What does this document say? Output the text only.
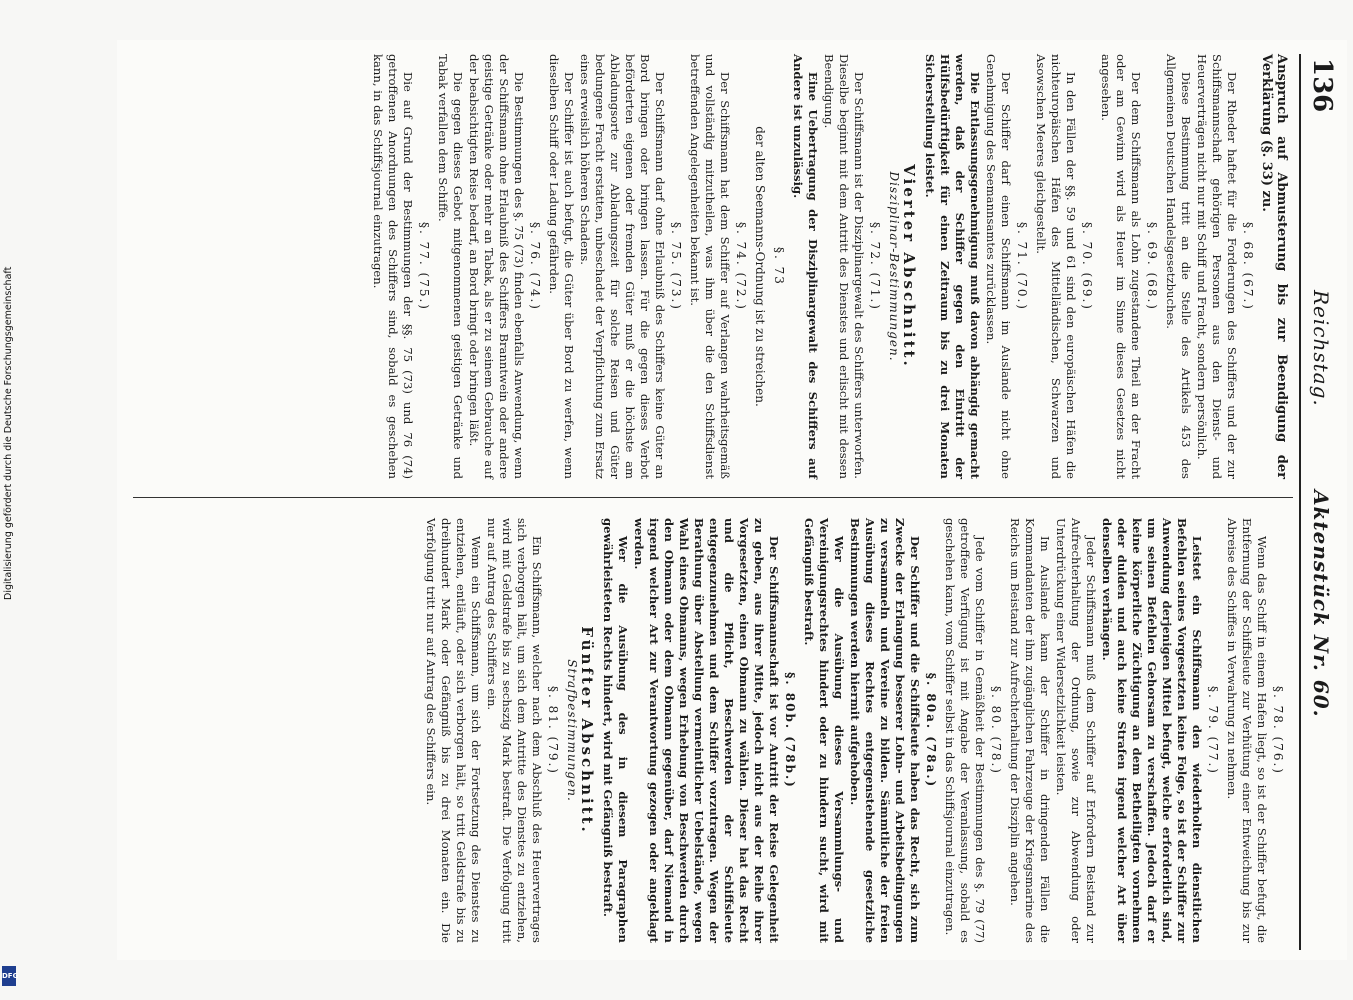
136
Reichstag.
Aktenstück Nr. 60.
Anspruch auf Abmusterung bis zur Beendigung der Verklärung (§. 33) zu.
§. 68. (67.)

Der Rheder haftet für die Forderungen des Schiffers und der zur Schiffsmannschaft gehörigen Personen aus den Dienst- und Heuerverträgen nicht nur mit Schiff und Fracht, sondern persönlich.

Diese Bestimmung tritt an die Stelle des Artikels 453 des Allgemeinen Deutschen Handelsgesetzbuches.

§. 69. (68.)

Der dem Schiffsmann als Lohn zugestandene Theil an der Fracht oder am Gewinn wird als Heuer im Sinne dieses Gesetzes nicht angesehen.

§. 70. (69.)

In den Fällen der §§. 59 und 61 sind den europäischen Häfen die nichteuropäischen Häfen des Mittelländischen, Schwarzen und Asowschen Meeres gleichgestellt.

§. 71. (70.)

Der Schiffer darf einen Schiffsmann im Auslande nicht ohne Genehmigung des Seemannsamtes zurücklassen.

Die Entlassungsgenehmigung muß davon abhängig gemacht werden, daß der Schiffer gegen den Eintritt der Hülfsbedürftigkeit für einen Zeitraum bis zu drei Monaten Sicherstellung leistet.

Vierter Abschnitt.
Disziplinar-Bestimmungen.
§. 72. (71.)

Der Schiffsmann ist der Disziplinargewalt des Schiffers unterworfen. Dieselbe beginnt mit dem Antritt des Dienstes und erlischt mit dessen Beendigung.

Eine Uebertragung der Disziplinargewalt des Schiffers auf Andere ist unzulässig.

§. 73
der alten Seemanns-Ordnung ist zu streichen.
§. 74. (72.)

Der Schiffsmann hat dem Schiffer auf Verlangen wahrheitsgemäß und vollständig mitzutheilen, was ihm über die den Schiffsdienst betreffenden Angelegenheiten bekannt ist.

§. 75. (73.)

Der Schiffsmann darf ohne Erlaubniß des Schiffers keine Güter an Bord bringen oder bringen lassen. Für die gegen dieses Verbot beförderten eigenen oder fremden Güter muß er die höchste am Abladungsorte zur Abladungszeit für solche Reisen und Güter bedungene Fracht erstatten, unbeschadet der Verpflichtung zum Ersatz eines erweislich höheren Schadens.

Der Schiffer ist auch befugt, die Güter über Bord zu werfen, wenn dieselben Schiff oder Ladung gefährden.

§. 76. (74.)

Die Bestimmungen des §. 75 (73) finden ebenfalls Anwendung, wenn der Schiffsmann ohne Erlaubniß des Schiffers Branntwein oder andere geistige Getränke oder mehr an Tabak, als er zu seinem Gebrauche auf der beabsichtigten Reise bedarf, an Bord bringt oder bringen läßt.

Die gegen dieses Gebot mitgenommenen geistigen Getränke und Tabak verfallen dem Schiffe.

§. 77. (75.)

Die auf Grund der Bestimmungen der §§. 75 (73) und 76 (74) getroffenen Anordnungen des Schiffers sind, sobald es geschehen kann, in das Schiffsjournal einzutragen.

§. 78. (76.)

Wenn das Schiff in einem Hafen liegt, so ist der Schiffer befugt, die Entfernung der Schiffsleute zur Verhütung einer Entweichung bis zur Abreise des Schiffes in Verwahrung zu nehmen.

§. 79. (77.)

Leistet ein Schiffsmann den wiederholten dienstlichen Befehlen seines Vorgesetzten keine Folge, so ist der Schiffer zur Anwendung derjenigen Mittel befugt, welche erforderlich sind, um seinen Befehlen Gehorsam zu verschaffen. Jedoch darf er keine körperliche Züchtigung an dem Betheiligten vornehmen oder dulden und auch keine Strafen irgend welcher Art über denselben verhängen.

Jeder Schiffsmann muß dem Schiffer auf Erfordern Beistand zur Aufrechterhaltung der Ordnung, sowie zur Abwendung oder Unterdrückung einer Widersetzlichkeit leisten.

Im Auslande kann der Schiffer in dringenden Fällen die Kommandanten der ihm zugänglichen Fahrzeuge der Kriegsmarine des Reichs um Beistand zur Aufrechterhaltung der Disziplin angehen.

§. 80. (78.)

Jede vom Schiffer in Gemäßheit der Bestimmungen des §. 79 (77) getroffene Verfügung ist mit Angabe der Veranlassung, sobald es geschehen kann, vom Schiffer selbst in das Schiffsjournal einzutragen.

§. 80a. (78a.)

Der Schiffer und die Schiffsleute haben das Recht, sich zum Zwecke der Erlangung besserer Lohn- und Arbeitsbedingungen zu versammeln und Vereine zu bilden. Sämmtliche der freien Ausübung dieses Rechtes entgegenstehende gesetzliche Bestimmungen werden hiermit aufgehoben.

Wer die Ausübung dieses Versammlungs- und Vereinigungsrechtes hindert oder zu hindern sucht, wird mit Gefängniß bestraft.

§. 80b. (78b.)

Der Schiffsmannschaft ist vor Antritt der Reise Gelegenheit zu geben, aus ihrer Mitte, jedoch nicht aus der Reihe ihrer Vorgesetzten, einen Obmann zu wählen. Dieser hat das Recht und die Pflicht, Beschwerden der Schiffsleute entgegenzunehmen und dem Schiffer vorzutragen. Wegen der Berathung über Abstellung vermeintlicher Uebelstände, wegen Wahl eines Obmanns, wegen Erhebung von Beschwerden durch den Obmann oder dem Obmann gegenüber, darf Niemand in irgend welcher Art zur Verantwortung gezogen oder angeklagt werden.

Wer die Ausübung des in diesem Paragraphen gewährleisteten Rechts hindert, wird mit Gefängniß bestraft.

Fünfter Abschnitt.
Strafbestimmungen.
§. 81. (79.)

Ein Schiffsmann, welcher nach dem Abschluß des Heuervertrages sich verborgen hält, um sich dem Antritte des Dienstes zu entziehen, wird mit Geldstrafe bis zu sechszig Mark bestraft. Die Verfolgung tritt nur auf Antrag des Schiffers ein.

Wenn ein Schiffsmann, um sich der Fortsetzung des Dienstes zu entziehen, entläuft, oder sich verborgen hält, so tritt Geldstrafe bis zu dreihundert Mark oder Gefängniß bis zu drei Monaten ein. Die Verfolgung tritt nur auf Antrag des Schiffers ein.

Digitalisierung gefördert durch die Deutsche Forschungsgemeinschaft
DFG
